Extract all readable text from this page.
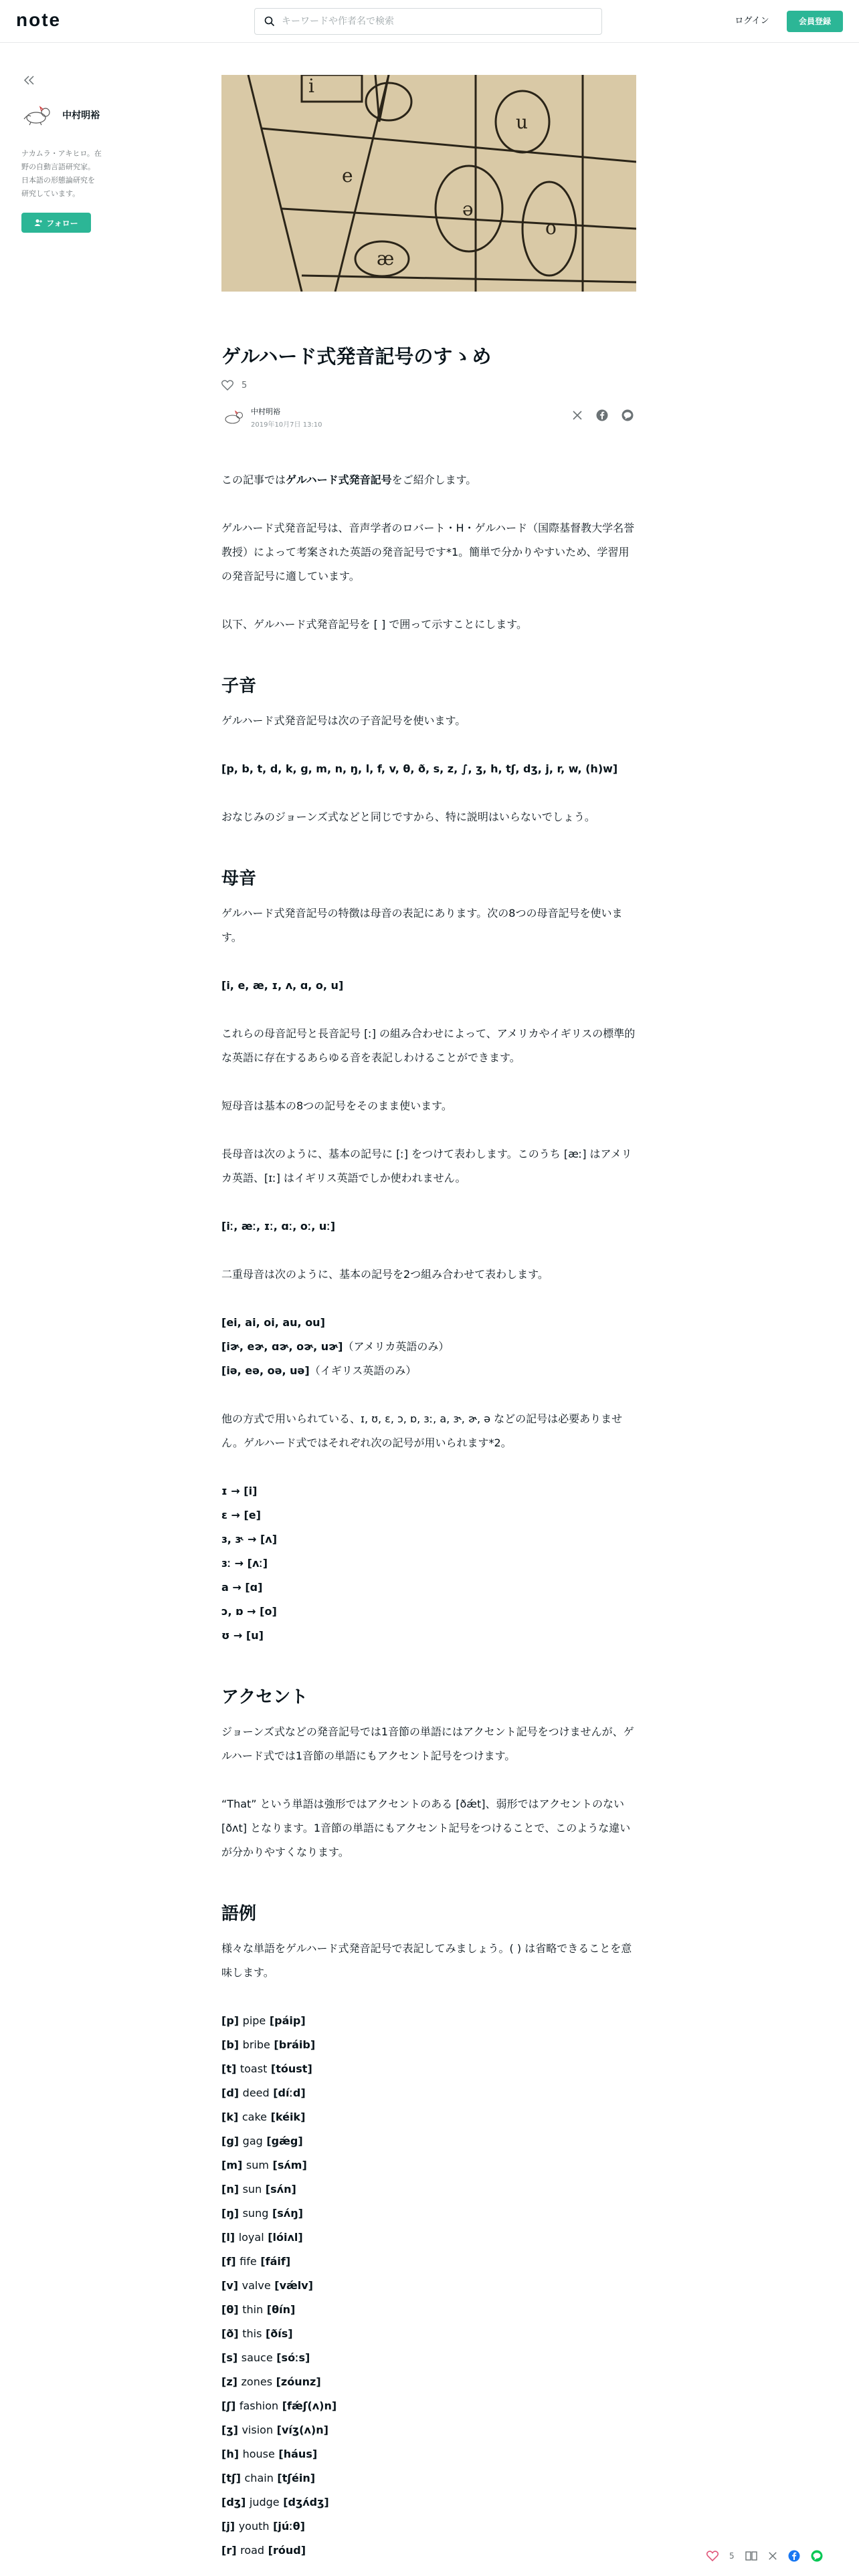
note
キーワードや作者名で検索	ログイン	会員登録
中村明裕
ナカムラ・アキヒロ。在野の自動言語研究家。日本語の形態論研究を研究しています。
フォロー
i
e
æ
ə
u
o
ゲルハード式発音記号のすゝめ
5
中村明裕
2019年10月7日 13:10

この記事ではゲルハード式発音記号をご紹介します。

ゲルハード式発音記号は、音声学者のロバート・H・ゲルハード（国際基督教大学名誉教授）によって考案された英語の発音記号です*1。簡単で分かりやすいため、学習用の発音記号に適しています。

以下、ゲルハード式発音記号を [ ] で囲って示すことにします。

子音

ゲルハード式発音記号は次の子音記号を使います。

[p, b, t, d, k, g, m, n, ŋ, l, f, v, θ, ð, s, z, ∫, ʒ, h, tʃ, dʒ, j, r, w, (h)w]

おなじみのジョーンズ式などと同じですから、特に説明はいらないでしょう。

母音

ゲルハード式発音記号の特徴は母音の表記にあります。次の8つの母音記号を使います。

[i, e, æ, ɪ, ʌ, ɑ, o, u]

これらの母音記号と長音記号 [ː] の組み合わせによって、アメリカやイギリスの標準的な英語に存在するあらゆる音を表記しわけることができます。

短母音は基本の8つの記号をそのまま使います。

長母音は次のように、基本の記号に [ː] をつけて表わします。このうち [æː] はアメリカ英語、[ɪː] はイギリス英語でしか使われません。

[iː, æː, ɪː, ɑː, oː, uː]

二重母音は次のように、基本の記号を2つ組み合わせて表わします。

[ei, ai, oi, au, ou]
[iɚ, eɚ, ɑɚ, oɚ, uɚ]（アメリカ英語のみ）
[iə, eə, oə, uə]（イギリス英語のみ）

他の方式で用いられている、ɪ, ʊ, ɛ, ɔ, ɒ, ɜː, a, ɝ, ɚ, ə などの記号は必要ありません。ゲルハード式ではそれぞれ次の記号が用いられます*2。

ɪ → [i]
ɛ → [e]
ɜ, ɝ → [ʌ]
ɜː → [ʌː]
a → [ɑ]
ɔ, ɒ → [o]
ʊ → [u]
アクセント

ジョーンズ式などの発音記号では1音節の単語にはアクセント記号をつけませんが、ゲルハード式では1音節の単語にもアクセント記号をつけます。

“That” という単語は強形ではアクセントのある [ðǽt]、弱形ではアクセントのない [ðʌt] となります。1音節の単語にもアクセント記号をつけることで、このような違いが分かりやすくなります。

語例

様々な単語をゲルハード式発音記号で表記してみましょう。( ) は省略できることを意味します。

[p] pipe [páip]
[b] bribe [bráib]
[t] toast [tóust]
[d] deed [díːd]
[k] cake [kéik]
[g] gag [gǽg]
[m] sum [sʌ́m]
[n] sun [sʌ́n]
[ŋ] sung [sʌ́ŋ]
[l] loyal [lóiʌl]
[f] fife [fáif]
[v] valve [vǽlv]
[θ] thin [θín]
[ð] this [ðís]
[s] sauce [sóːs]
[z] zones [zóunz]
[ʃ] fashion [fǽʃ(ʌ)n]
[ʒ] vision [víʒ(ʌ)n]
[h] house [háus]
[tʃ] chain [tʃéin]
[dʒ] judge [dʒʌ́dʒ]
[j] youth [júːθ]
[r] road [róud]	5
